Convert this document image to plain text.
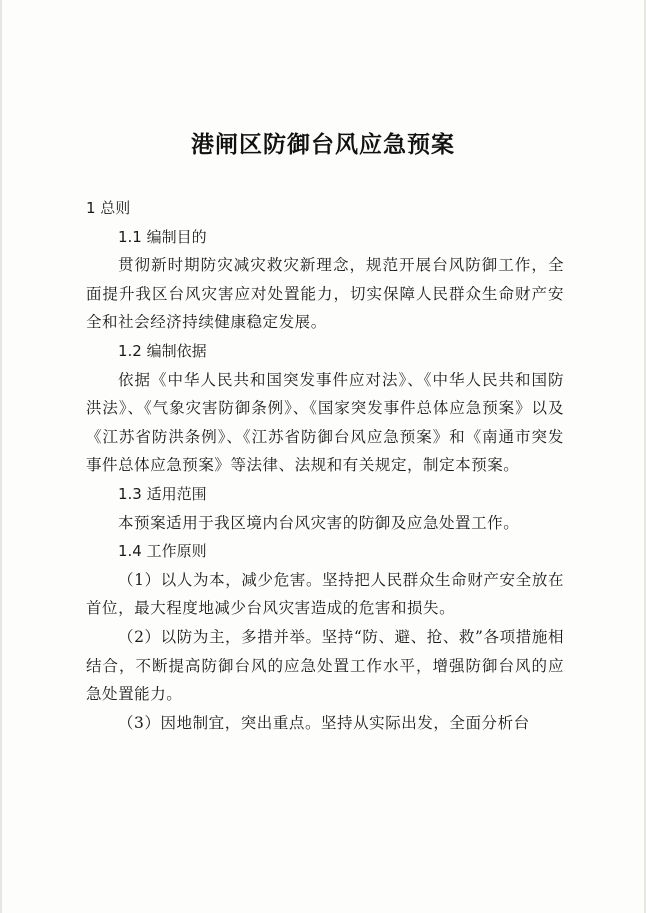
港闸区防御台风应急预案

1 总则

1.1 编制目的

贯彻新时期防灾减灾救灾新理念，规范开展台风防御工作，全面提升我区台风灾害应对处置能力，切实保障人民群众生命财产安全和社会经济持续健康稳定发展。

1.2 编制依据

依据《中华人民共和国突发事件应对法》、《中华人民共和国防洪法》、《气象灾害防御条例》、《国家突发事件总体应急预案》以及《江苏省防洪条例》、《江苏省防御台风应急预案》和《南通市突发事件总体应急预案》等法律、法规和有关规定，制定本预案。

1.3 适用范围

本预案适用于我区境内台风灾害的防御及应急处置工作。

1.4 工作原则

（1）以人为本，减少危害。坚持把人民群众生命财产安全放在首位，最大程度地减少台风灾害造成的危害和损失。

（2）以防为主，多措并举。坚持“防、避、抢、救”各项措施相结合，不断提高防御台风的应急处置工作水平，增强防御台风的应急处置能力。

（3）因地制宜，突出重点。坚持从实际出发，全面分析台
